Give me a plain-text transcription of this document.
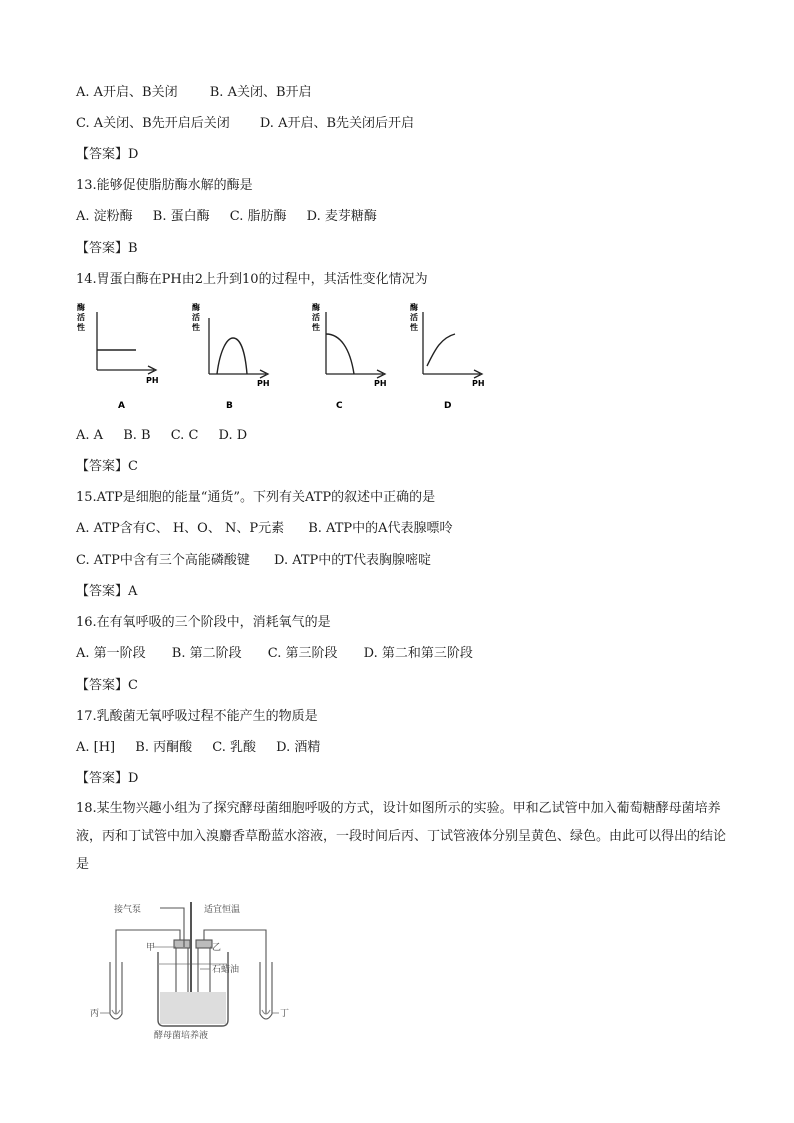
A. A开启、B关闭 B. A关闭、B开启
C. A关闭、B先开启后关闭 D. A开启、B先关闭后开启
【答案】D
13.能够促使脂肪酶水解的酶是
A. 淀粉酶 B. 蛋白酶 C. 脂肪酶 D. 麦芽糖酶
【答案】B
14.胃蛋白酶在PH由2上升到10的过程中，其活性变化情况为
酶
活
性
PH
A
酶
活
性
PH
B
酶
活
性
PH
C
酶
活
性
PH
D
A. A B. B C. C D. D
【答案】C
15.ATP是细胞的能量“通货”。下列有关ATP的叙述中正确的是
A. ATP含有C、 H、O、 N、P元素 B. ATP中的A代表腺嘌呤
C. ATP中含有三个高能磷酸键 D. ATP中的T代表胸腺嘧啶
【答案】A
16.在有氧呼吸的三个阶段中，消耗氧气的是
A. 第一阶段 B. 第二阶段 C. 第三阶段 D. 第二和第三阶段
【答案】C
17.乳酸菌无氧呼吸过程不能产生的物质是
A. [H] B. 丙酮酸 C. 乳酸 D. 酒精
【答案】D
18.某生物兴趣小组为了探究酵母菌细胞呼吸的方式，设计如图所示的实验。甲和乙试管中加入葡萄糖酵母菌培养液，丙和丁试管中加入溴麝香草酚蓝水溶液，一段时间后丙、丁试管液体分别呈黄色、绿色。由此可以得出的结论是
接气泵	适宜恒温
甲	乙
石蜡油
丙	丁
酵母菌培养液
